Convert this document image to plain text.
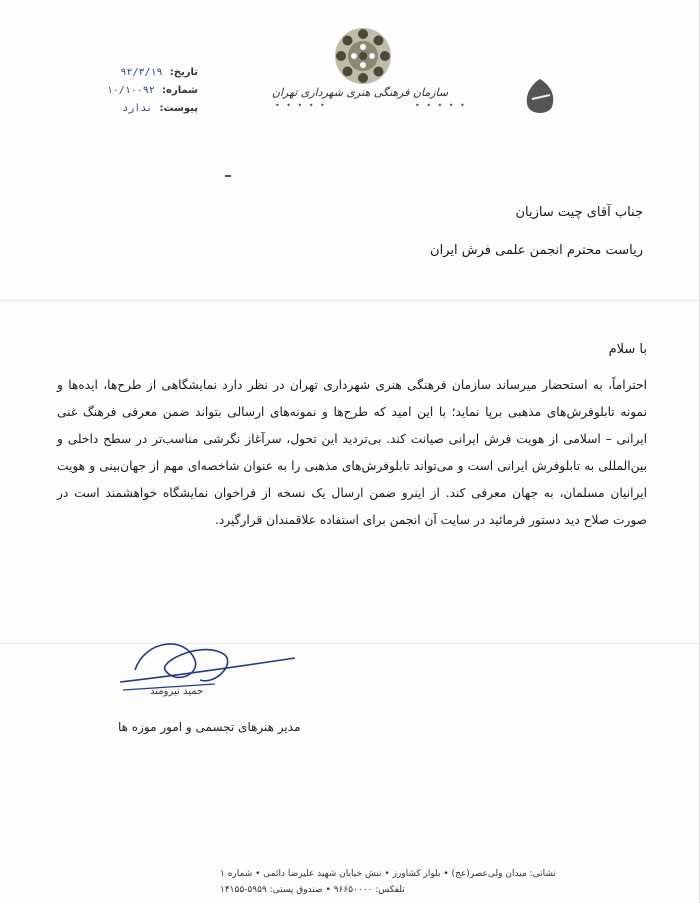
تاریخ: ۹۲/۳/۱۹
شماره: ۱۰/۱۰۰۹۲
پیوست: ندارد
سازمان فرهنگی هنری شهرداری تهران
• • • • •	• • • • •
جناب آقای چیت سازیان
ریاست محترم انجمن علمی فرش ایران
با سلام
احتراماً، به استحضار میرساند سازمان فرهنگی هنری شهرداری تهران در نظر دارد نمایشگاهی از طرح‌ها، ایده‌ها و نمونه تابلوفرش‌های مذهبی برپا نماید؛ با این امید که طرح‌ها و نمونه‌های ارسالی بتواند ضمن معرفی فرهنگ غنی ایرانی – اسلامی از هویت فرش ایرانی صیانت کند. بی‌تردید این تحول، سرآغاز نگرشی مناسب‌تر در سطح داخلی و بین‌المللی به تابلوفرش ایرانی است و می‌تواند تابلوفرش‌های مذهبی را به عنوان شاخصه‌ای مهم از جهان‌بینی و هویت ایرانیان مسلمان، به جهان معرفی کند. از اینرو ضمن ارسال یک نسخه از فراخوان نمایشگاه خواهشمند است در صورت صلاح دید دستور فرمائید در سایت آن انجمن برای استفاده علاقمندان قرارگیرد.
حمید نیرومند
مدیر هنرهای تجسمی و امور موزه ها
نشانی: میدان ولی‌عصر(عج) • بلوار کشاورز • نبش خیابان شهید علیرضا دائمی • شماره ۱
تلفکس: ۹۶۶۵۰۰۰۰ • صندوق پستی: ۵۹۵۹-۱۴۱۵۵
